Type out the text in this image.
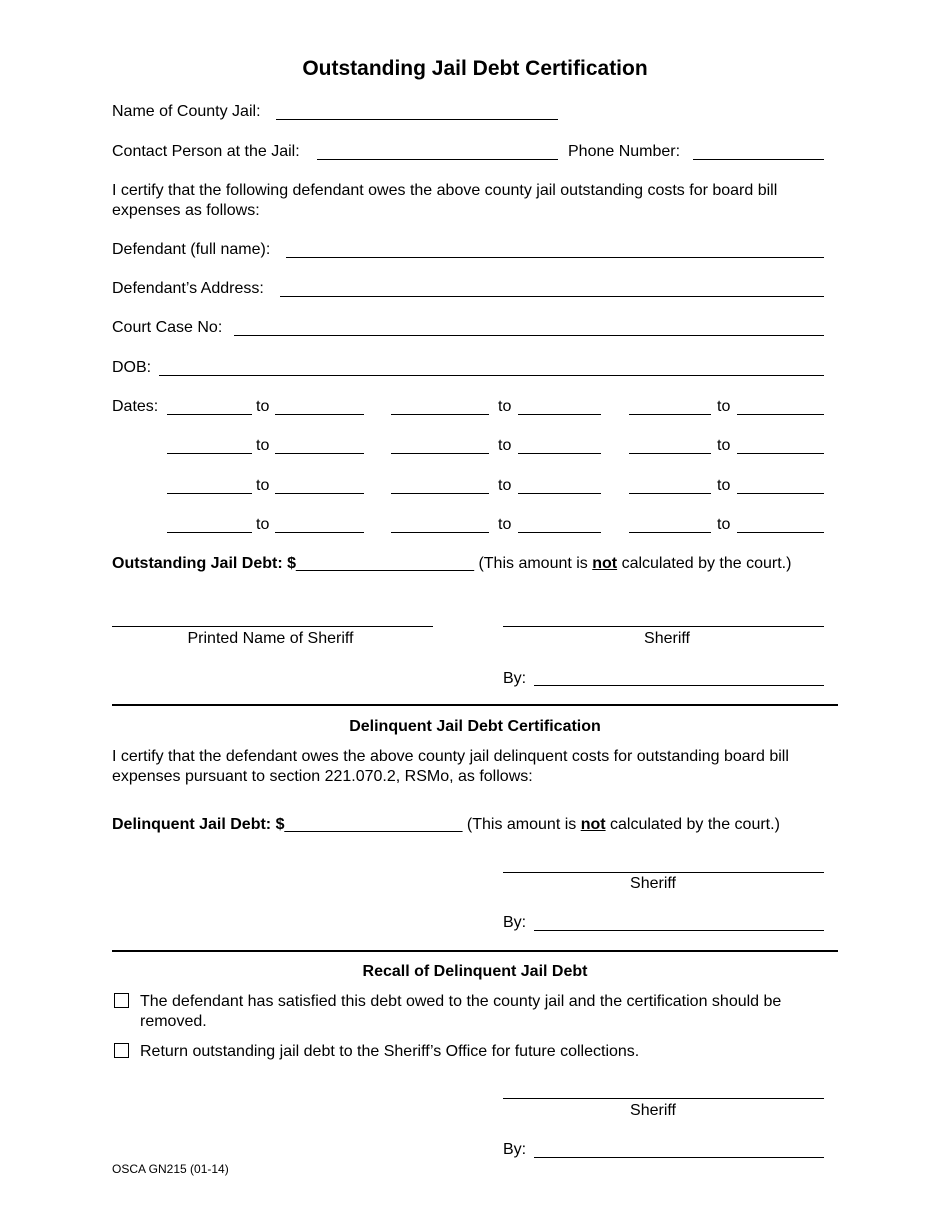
Outstanding Jail Debt Certification
Name of County Jail:
Contact Person at the Jail:	Phone Number:
I certify that the following defendant owes the above county jail outstanding costs for board bill expenses as follows:
Defendant (full name):
Defendant’s Address:
Court Case No:
DOB:
Dates:	to	to	to
to	to	to
to	to	to
to	to	to
Outstanding Jail Debt: $____________________ (This amount is not calculated by the court.)
Printed Name of Sheriff	Sheriff
By:
Delinquent Jail Debt Certification
I certify that the defendant owes the above county jail delinquent costs for outstanding board bill expenses pursuant to section 221.070.2, RSMo, as follows:
Delinquent Jail Debt: $____________________ (This amount is not calculated by the court.)
Sheriff
By:
Recall of Delinquent Jail Debt
The defendant has satisfied this debt owed to the county jail and the certification should be removed.
Return outstanding jail debt to the Sheriff’s Office for future collections.
Sheriff
By:
OSCA GN215 (01-14)
